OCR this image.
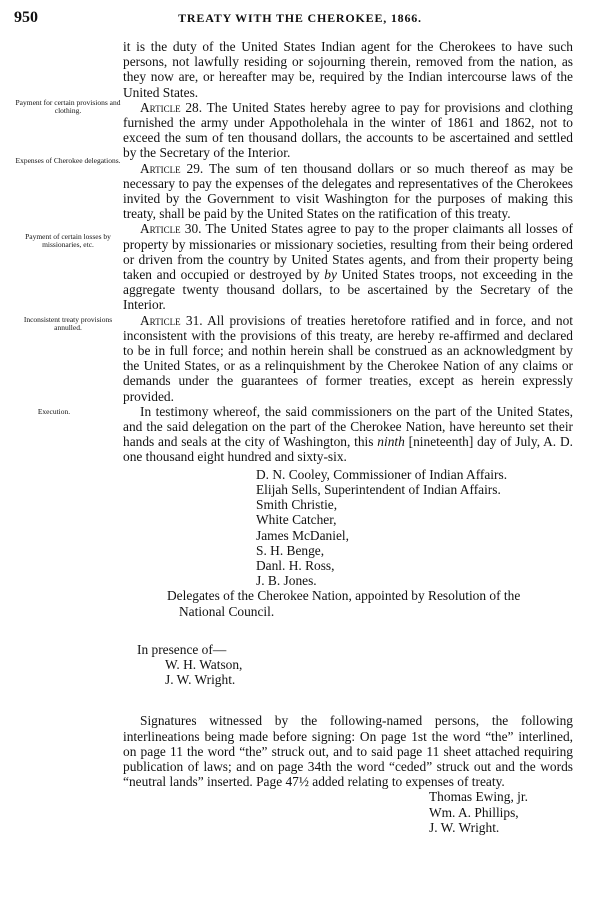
950	TREATY WITH THE CHEROKEE, 1866.
Payment for certain provisions and clothing.
Expenses of Cherokee delegations.
Payment of certain losses by missionaries, etc.
Inconsistent treaty provisions annulled.
Execution.

it is the duty of the United States Indian agent for the Cherokees to have such persons, not lawfully residing or sojourning therein, removed from the nation, as they now are, or hereafter may be, required by the Indian intercourse laws of the United States.

Article 28. The United States hereby agree to pay for provisions and clothing furnished the army under Appotholehala in the winter of 1861 and 1862, not to exceed the sum of ten thousand dollars, the accounts to be ascertained and settled by the Secretary of the Interior.

Article 29. The sum of ten thousand dollars or so much thereof as may be necessary to pay the expenses of the delegates and representatives of the Cherokees invited by the Government to visit Washington for the purposes of making this treaty, shall be paid by the United States on the ratification of this treaty.

Article 30. The United States agree to pay to the proper claimants all losses of property by missionaries or missionary societies, resulting from their being ordered or driven from the country by United States agents, and from their property being taken and occupied or destroyed by by United States troops, not exceeding in the aggregate twenty thousand dollars, to be ascertained by the Secretary of the Interior.

Article 31. All provisions of treaties heretofore ratified and in force, and not inconsistent with the provisions of this treaty, are hereby re-affirmed and declared to be in full force; and nothin herein shall be construed as an acknowledgment by the United States, or as a relinquishment by the Cherokee Nation of any claims or demands under the guarantees of former treaties, except as herein expressly provided.

In testimony whereof, the said commissioners on the part of the United States, and the said delegation on the part of the Cherokee Nation, have hereunto set their hands and seals at the city of Washington, this ninth [nineteenth] day of July, A. D. one thousand eight hundred and sixty-six.

D. N. Cooley, Commissioner of Indian Affairs.

Elijah Sells, Superintendent of Indian Affairs.

Smith Christie,

White Catcher,

James McDaniel,

S. H. Benge,

Danl. H. Ross,

J. B. Jones.

Delegates of the Cherokee Nation, appointed by Resolution of the National Council.

In presence of—

W. H. Watson,

J. W. Wright.

Signatures witnessed by the following-named persons, the following interlineations being made before signing: On page 1st the word “the” interlined, on page 11 the word “the” struck out, and to said page 11 sheet attached requiring publication of laws; and on page 34th the word “ceded” struck out and the words “neutral lands” inserted. Page 47½ added relating to expenses of treaty.

Thomas Ewing, jr.

Wm. A. Phillips,

J. W. Wright.
